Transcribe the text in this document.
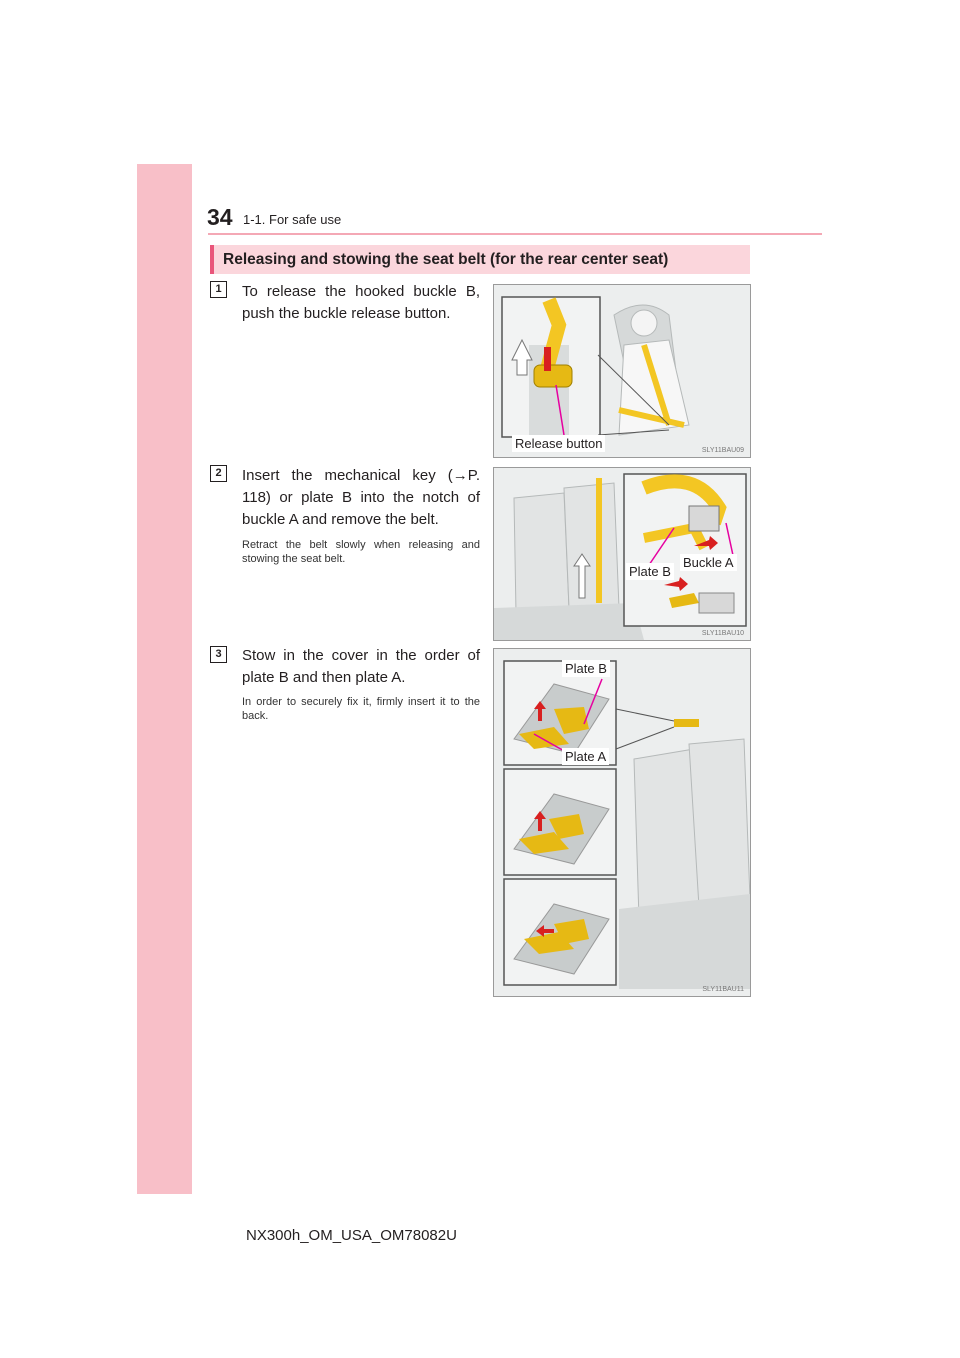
34 1-1. For safe use
Releasing and stowing the seat belt (for the rear center seat)
1	To release the hooked buckle B, push the buckle release button.
Release button	SLY11BAU09
2	Insert the mechanical key (→P. 118) or plate B into the notch of buckle A and remove the belt.
Retract the belt slowly when releasing and stowing the seat belt.
Plate B
Buckle A
SLY11BAU10
3	Stow in the cover in the order of plate B and then plate A.
In order to securely fix it, firmly insert it to the back.
Plate B
Plate A
SLY11BAU11
NX300h_OM_USA_OM78082U
